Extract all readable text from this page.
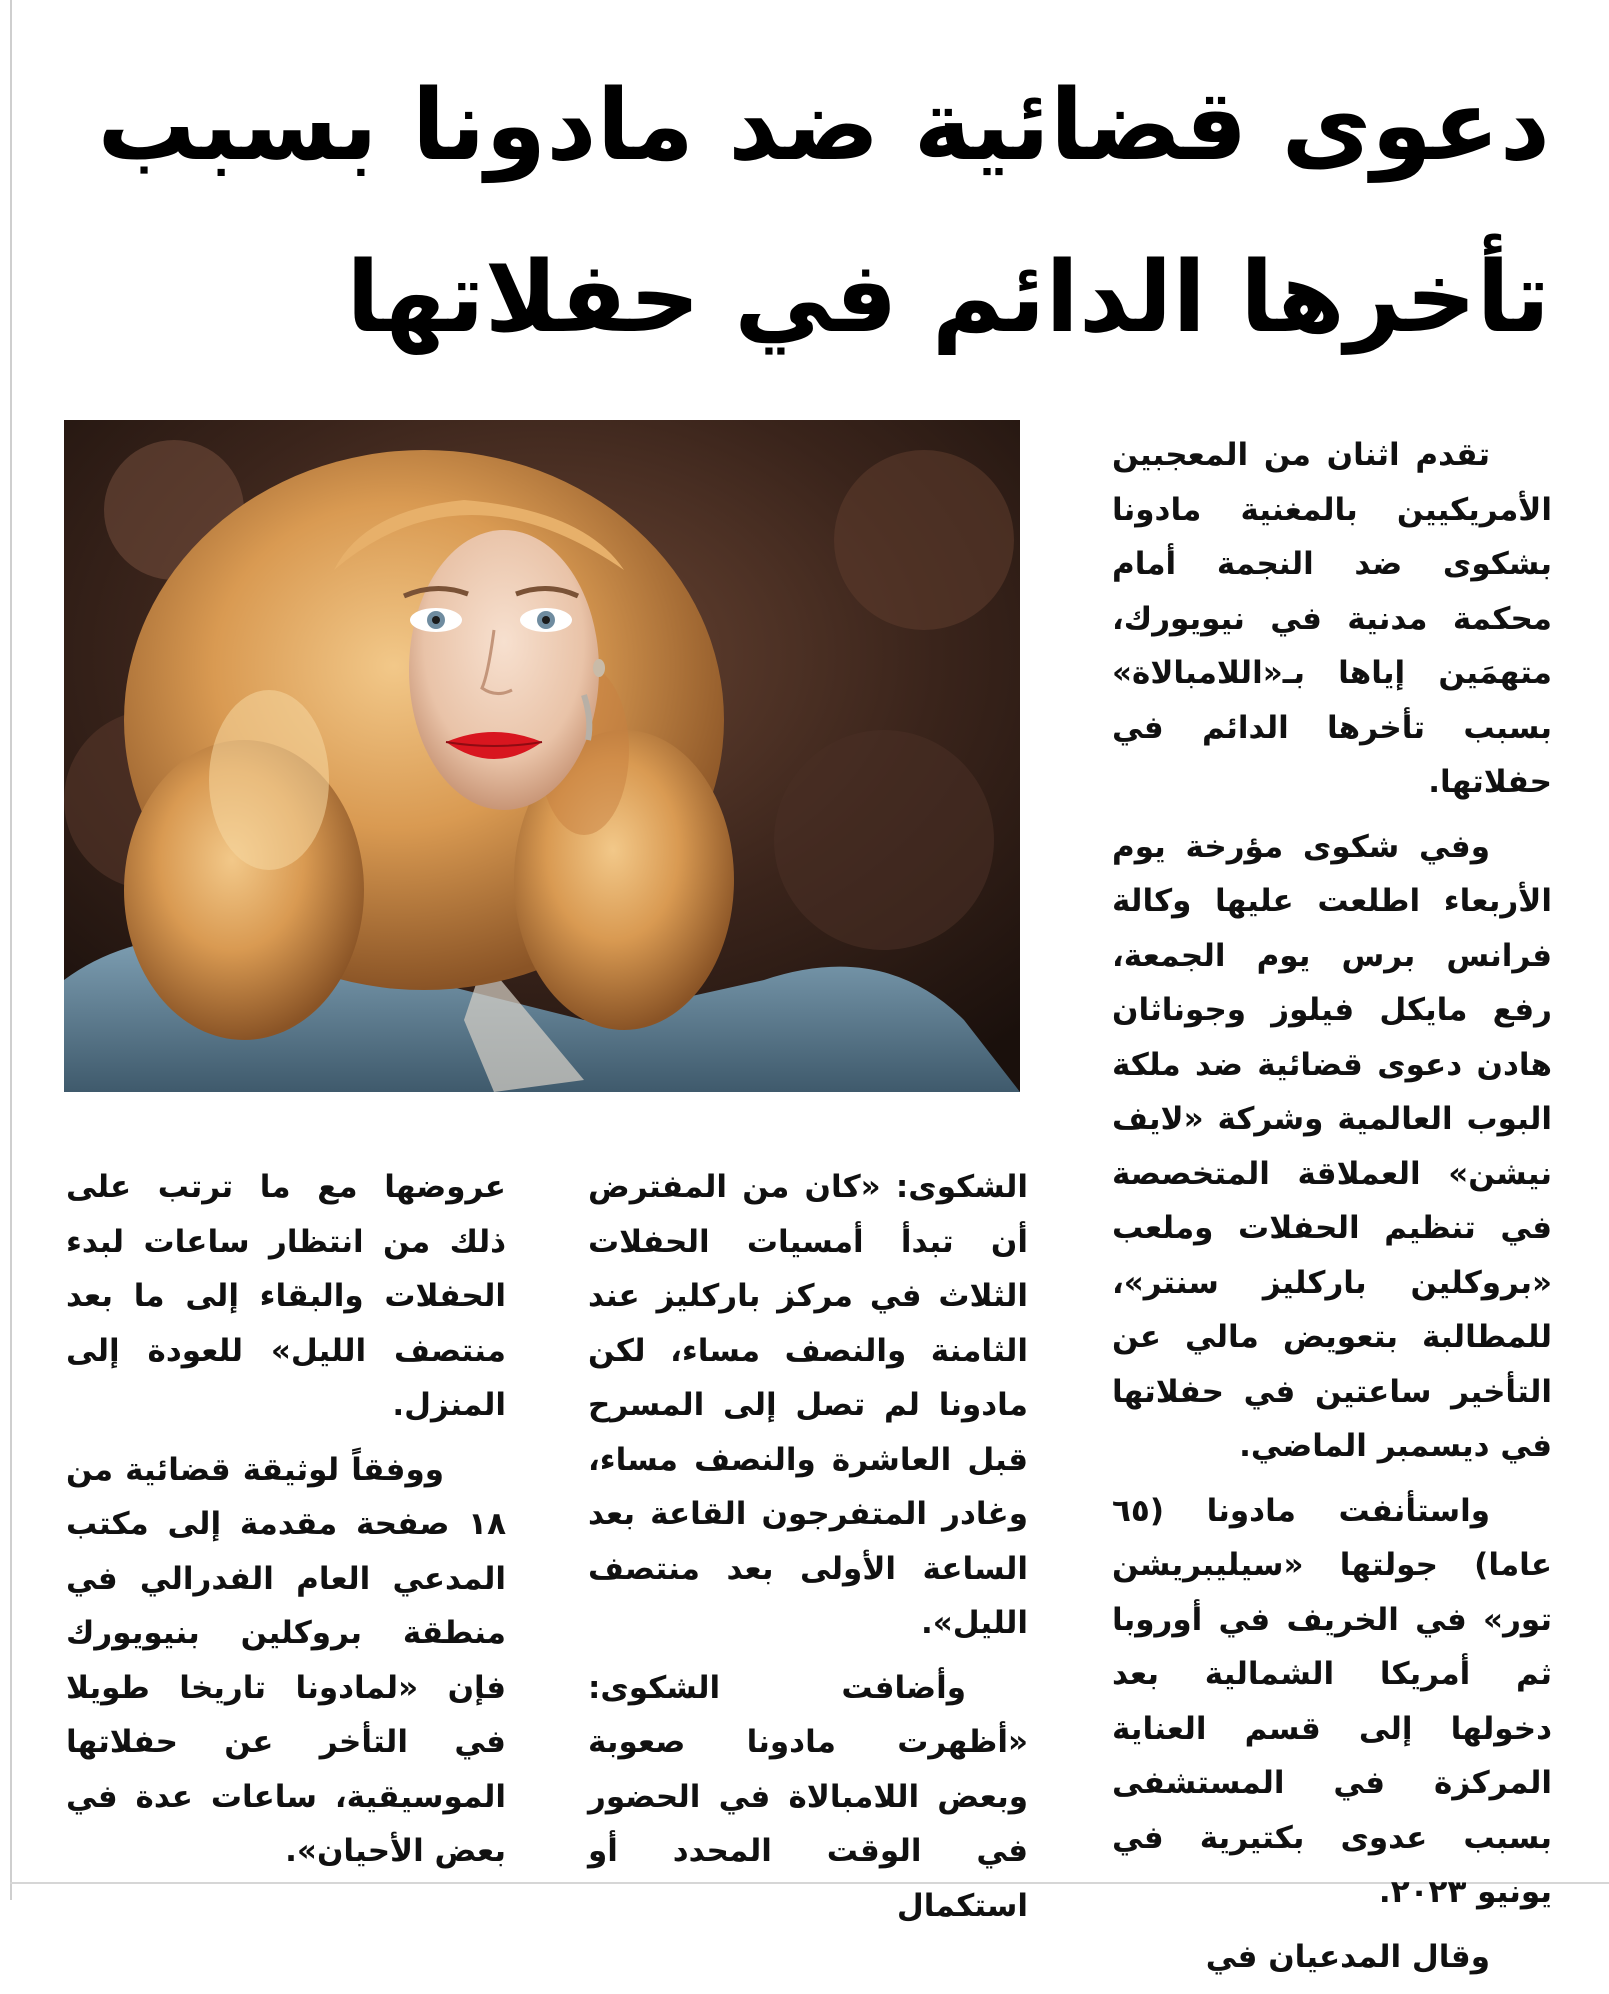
دعوى قضائية ضد مادونا بسبب
تأخرها الدائم في حفلاتها

تقدم اثنان من المعجبين الأمريكيين بالمغنية مادونا بشكوى ضد النجمة أمام محكمة مدنية في نيويورك، متهمَين إياها بـ«اللامبالاة» بسبب تأخرها الدائم في حفلاتها.

وفي شكوى مؤرخة يوم الأربعاء اطلعت عليها وكالة فرانس برس يوم الجمعة، رفع مايكل فيلوز وجوناثان هادن دعوى قضائية ضد ملكة البوب العالمية وشركة «لايف نيشن» العملاقة المتخصصة في تنظيم الحفلات وملعب «بروكلين باركليز سنتر»، للمطالبة بتعويض مالي عن التأخير ساعتين في حفلاتها في ديسمبر الماضي.

واستأنفت مادونا (٦٥ عاما) جولتها «سيليبريشن تور» في الخريف في أوروبا ثم أمريكا الشمالية بعد دخولها إلى قسم العناية المركزة في المستشفى بسبب عدوى بكتيرية في يونيو ٢٠٢٣.

وقال المدعيان في

الشكوى: «كان من المفترض أن تبدأ أمسيات الحفلات الثلاث في مركز باركليز عند الثامنة والنصف مساء، لكن مادونا لم تصل إلى المسرح قبل العاشرة والنصف مساء، وغادر المتفرجون القاعة بعد الساعة الأولى بعد منتصف الليل».

وأضافت الشكوى: «أظهرت مادونا صعوبة وبعض اللامبالاة في الحضور في الوقت المحدد أو استكمال

عروضها مع ما ترتب على ذلك من انتظار ساعات لبدء الحفلات والبقاء إلى ما بعد منتصف الليل» للعودة إلى المنزل.

ووفقاً لوثيقة قضائية من ١٨ صفحة مقدمة إلى مكتب المدعي العام الفدرالي في منطقة بروكلين بنيويورك فإن «لمادونا تاريخا طويلا في التأخر عن حفلاتها الموسيقية، ساعات عدة في بعض الأحيان».
